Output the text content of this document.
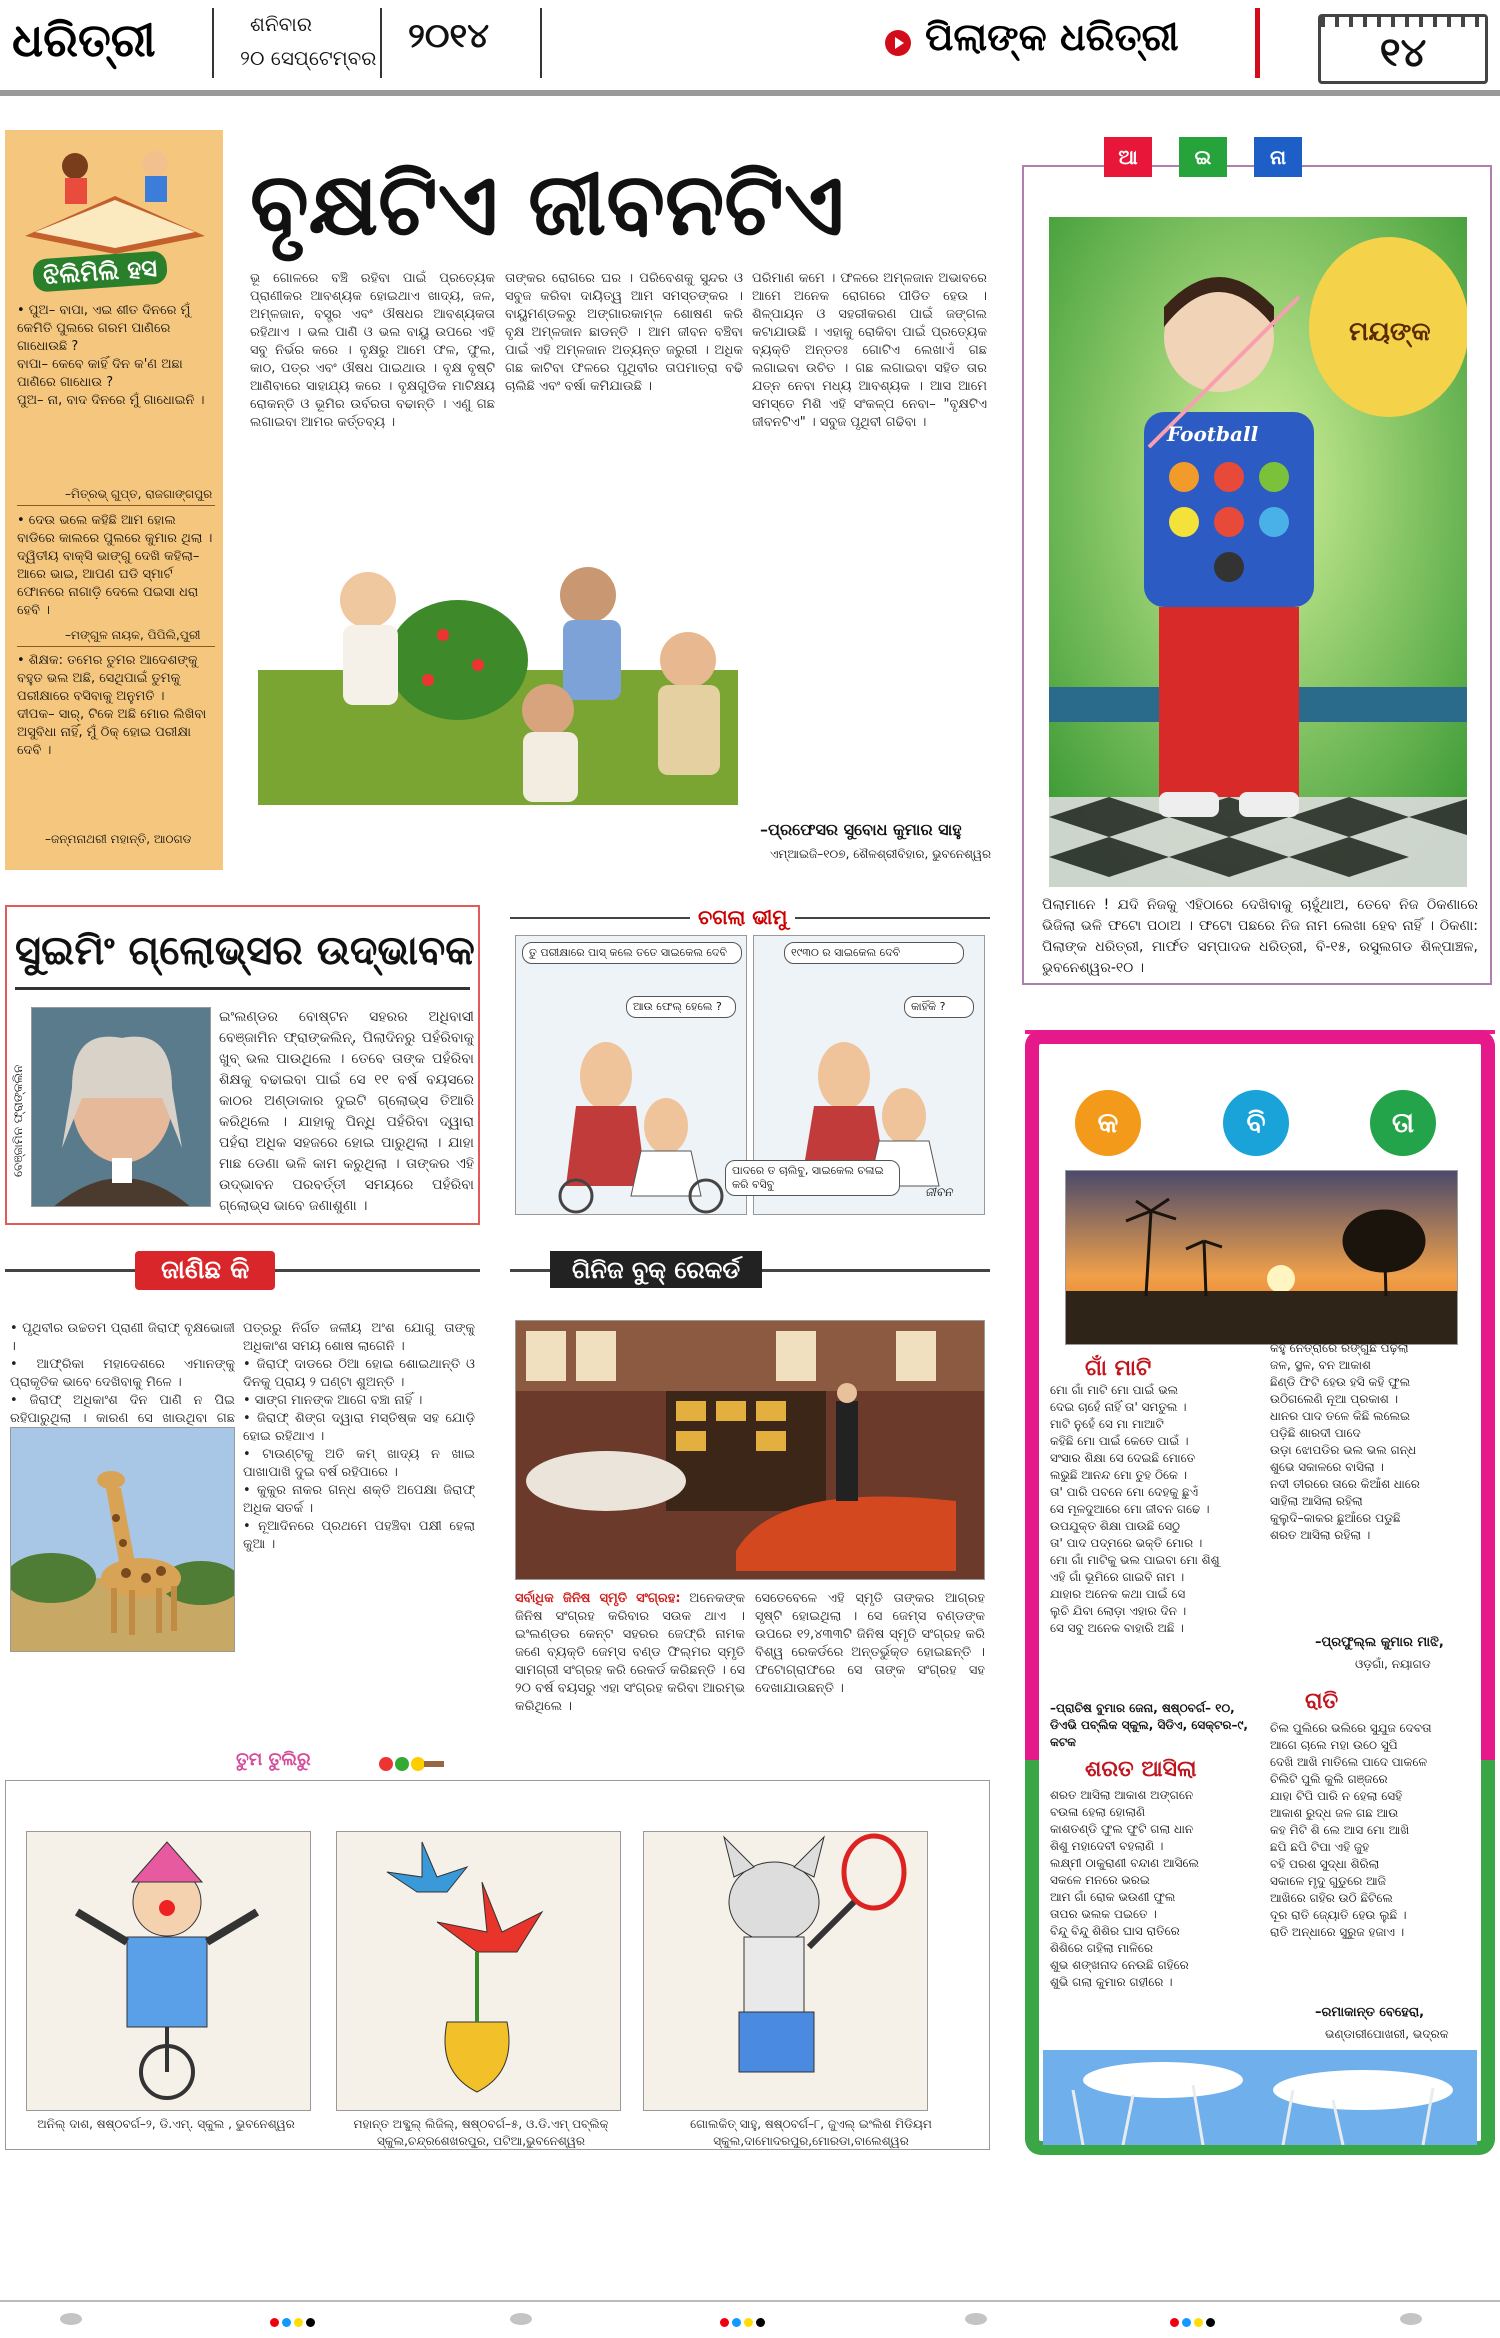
ଧରିତ୍ରୀ	ଶନିବାର
୨୦ ସେପ୍ଟେମ୍ବର
୨୦୧୪	ପିଲାଙ୍କ ଧରିତ୍ରୀ	୧୪
ଝିଲିମିଲି ହସ
• ପୁଅ– ବାପା, ଏଇ ଶୀତ ଦିନରେ ମୁଁ କେମିତି ପୁଲରେ ଗରମ ପାଣିରେ ଗାଧୋଉଛି ?
ବାପା– କେବେ କାହିଁ ଦିନ କ'ଣ ଅଛା ପାଣିରେ ଗାଧୋଉ ?
ପୁଅ– ନା, ବାଦ ଦିନରେ ମୁଁ ଗାଧୋଇନି ।
–ମିତ୍ରଭ୍ ଗୁପ୍ତ, ରାଜଗାଙ୍ଗପୁର
• ଦେଉ ଭଲେ କହିଛି ଆମ ହୋଲ ବାଡିରେ କାଲରେ ପୁଲରେ କୁମାର ଥିଲା । ଦ୍ୱିତୀୟ ବାକ୍ସି ଭାଙ୍ଗୁ ଦେଖି କହିଲା– ଆରେ ଭାଇ, ଆପଣ ଘଡି ସ୍ମାର୍ଟ ଫୋନରେ ନାଗାଡ଼ି ଦେଲେ ପଇସା ଧରା ହେବି ।
–ମଙ୍ଗୁଳ ନାୟକ, ପିପିଲି,ପୁରୀ
• ଶିକ୍ଷକ: ତମେର ତୁମର ଆଦେଶଙ୍କୁ ବହୁତ ଭଲ ଅଛି, ସେଥିପାଇଁ ତୁମକୁ ପରୀକ୍ଷାରେ ବସିବାକୁ ଅନୁମତି ।
ଦୀପକ– ସାର୍, ଟିକେ ଅଛି ମୋର ଲିଖିବା ଅସୁବିଧା ନାହିଁ, ମୁଁ ଠିକ୍ ହୋଇ ପରୀକ୍ଷା ଦେବି ।
–ଜନ୍ମନାଥରୀ ମହାନ୍ତି, ଆଠଗଡ
ବୃକ୍ଷଟିଏ ଜୀବନଟିଏ
ଭୂ ଗୋଳରେ ବଞ୍ଚି ରହିବା ପାଇଁ ପ୍ରତ୍ୟେକ ପ୍ରାଣୀକର ଆବଶ୍ୟକ ହୋଇଥାଏ ଖାଦ୍ୟ, ଜଳ, ଅମ୍ଳଜାନ, ବସ୍ତ୍ର ଏବଂ ଔଷଧର ଆବଶ୍ୟକତା ରହିଥାଏ । ଭଲ ପାଣି ଓ ଭଲ ବାୟୁ ଉପରେ ଏହି ସବୁ ନିର୍ଭର କରେ । ବୃକ୍ଷରୁ ଆମେ ଫଳ, ଫୁଲ, କାଠ, ପତ୍ର ଏବଂ ଔଷଧ ପାଇଥାଉ । ବୃକ୍ଷ ବୃଷ୍ଟି ଆଣିବାରେ ସାହାଯ୍ୟ କରେ । ବୃକ୍ଷଗୁଡିକ ମାଟିକ୍ଷୟ ରୋକନ୍ତି ଓ ଭୂମିର ଉର୍ବରତା ବଢାନ୍ତି । ଏଣୁ ଗଛ ଲଗାଇବା ଆମର କର୍ତ୍ତବ୍ୟ ।
ତାଙ୍କର ରୋଗରେ ଘର । ପରିବେଶକୁ ସୁନ୍ଦର ଓ ସବୁଜ କରିବା ଦାୟିତ୍ୱ ଆମ ସମସ୍ତଙ୍କର । ବାୟୁମଣ୍ଡଳରୁ ଅଙ୍ଗାରକାମ୍ଳ ଶୋଷଣ କରି ବୃକ୍ଷ ଅମ୍ଳଜାନ ଛାଡନ୍ତି । ଆମ ଜୀବନ ବଞ୍ଚିବା ପାଇଁ ଏହି ଅମ୍ଳଜାନ ଅତ୍ୟନ୍ତ ଜରୁରୀ । ଅଧିକ ଗଛ କାଟିବା ଫଳରେ ପୃଥିବୀର ତାପମାତ୍ରା ବଢି ଚାଲିଛି ଏବଂ ବର୍ଷା କମିଯାଉଛି ।
ପରିମାଣ କମେ । ଫଳରେ ଅମ୍ଳଜାନ ଅଭାବରେ ଆମେ ଅନେକ ରୋଗରେ ପୀଡିତ ହେଉ । ଶିଳ୍ପାୟନ ଓ ସହରୀକରଣ ପାଇଁ ଜଙ୍ଗଲ କଟାଯାଉଛି । ଏହାକୁ ରୋକିବା ପାଇଁ ପ୍ରତ୍ୟେକ ବ୍ୟକ୍ତି ଅନ୍ତତଃ ଗୋଟିଏ ଲେଖାଏଁ ଗଛ ଲଗାଇବା ଉଚିତ । ଗଛ ଲଗାଇବା ସହିତ ତାର ଯତ୍ନ ନେବା ମଧ୍ୟ ଆବଶ୍ୟକ । ଆସ ଆମେ ସମସ୍ତେ ମିଶି ଏହି ସଂକଳ୍ପ ନେବା– "ବୃକ୍ଷଟିଏ ଜୀବନଟିଏ" । ସବୁଜ ପୃଥିବୀ ଗଢିବା ।
–ପ୍ରଫେସର ସୁବୋଧ କୁମାର ସାହୁ
ଏମ୍‌ଆଇଜି–୧୦୭, ଶୈଳଶ୍ରୀବିହାର, ଭୁବନେଶ୍ୱର
ଆ	ଇ	ନା
Football
ମୟଙ୍କ
ପିଲାମାନେ ! ଯଦି ନିଜକୁ ଏହିଠାରେ ଦେଖିବାକୁ ଚାହୁଁଥାଅ, ତେବେ ନିଜ ଠିକଣାରେ ଭିଜିଲା ଭଳି ଫଟୋ ପଠାଅ । ଫଟୋ ପଛରେ ନିଜ ନାମ ଲେଖା ହେବ ନାହିଁ । ଠିକଣା: ପିଲାଙ୍କ ଧରିତ୍ରୀ, ମାର୍ଫତ ସମ୍ପାଦକ ଧରିତ୍ରୀ, ବି-୧୫, ରସୁଲଗଡ ଶିଳ୍ପାଞ୍ଚଳ, ଭୁବନେଶ୍ୱର-୧୦ ।
ସୁଇମିଂ ଗ୍ଲୋଭ୍ସର ଉଦ୍ଭାବକ
ବେଞ୍ଜାମିନ ଫ୍ରାଙ୍କଲିନ
ଇଂଲଣ୍ଡର ବୋଷ୍ଟନ ସହରର ଅଧିବାସୀ ବେଞ୍ଜାମିନ ଫ୍ରାଙ୍କଲିନ୍, ପିଲାଦିନରୁ ପହଁରିବାକୁ ଖୁବ୍ ଭଲ ପାଉଥିଲେ । ତେବେ ତାଙ୍କ ପହଁରିବା ଶିକ୍ଷକୁ ବଢାଇବା ପାଇଁ ସେ ୧୧ ବର୍ଷ ବୟସରେ କାଠର ଅଣ୍ଡାକାର ଦୁଇଟି ଗ୍ଲୋଭ୍ସ ତିଆରି କରିଥିଲେ । ଯାହାକୁ ପିନ୍ଧି ପହଁରିବା ଦ୍ୱାରା ପହଁରା ଅଧିକ ସହଜରେ ହୋଇ ପାରୁଥିଲା । ଯାହା ମାଛ ଡେଣା ଭଳି କାମ କରୁଥିଲା । ତାଙ୍କର ଏହି ଉଦ୍ଭାବନ ପରବର୍ତ୍ତୀ ସମୟରେ ପହଁରିବା ଗ୍ଲୋଭ୍ସ ଭାବେ ଜଣାଶୁଣା ।
ଚଗଲା ଭୀମୁ
ତୁ ପରୀକ୍ଷାରେ ପାସ୍ କଲେ ତତେ ସାଇକେଲ ଦେବି
ଆଉ ଫେଲ୍ ହେଲେ ?
୧୯୩୦ ର ସାଇକେଲ ଦେବି
କାହିଁକି ?
ପାଦରେ ତ ଚାଲିବୁ, ସାଇକେଲ ଚଳାଇ କରି ବସିବୁ
ଜୀବନ
ଜାଣିଛ କି
• ପୃଥିବୀର ଉଚ୍ଚତମ ପ୍ରାଣୀ ଜିରାଫ୍ ବୃକ୍ଷଭୋଜୀ ।
• ଆଫ୍ରିକା ମହାଦେଶରେ ଏମାନଙ୍କୁ ପ୍ରାକୃତିକ ଭାବେ ଦେଖିବାକୁ ମିଳେ ।
• ଜିରାଫ୍ ଅଧିକାଂଶ ଦିନ ପାଣି ନ ପିଇ ରହିପାରୁଥିଲା । କାରଣ ସେ ଖାଉଥିବା ଗଛ
ପତ୍ରରୁ ନିର୍ଗତ ଜଳୀୟ ଅଂଶ ଯୋଗୁ ତାଙ୍କୁ ଅଧିକାଂଶ ସମୟ ଶୋଷ ଲାଗେନି ।
• ଜିରାଫ୍ ଦାଡରେ ଠିଆ ହୋଇ ଶୋଇଥାନ୍ତି ଓ ଦିନକୁ ପ୍ରାୟ ୨ ଘଣ୍ଟା ଶୁଅନ୍ତି ।
• ସାଙ୍ଗ ମାନଙ୍କ ଆଗେ ବଞ୍ଚା ନାହିଁ ।
• ଜିରାଫ୍ ଶିଙ୍ଗ ଦ୍ୱାରା ମସ୍ତିଷ୍କ ସହ ଯୋଡ଼ି ହୋଇ ରହିଥାଏ ।
• ଟାଉଣ୍ଟକୁ ଅତି କମ୍ ଖାଦ୍ୟ ନ ଖାଇ ପାଖାପାଖି ଦୁଇ ବର୍ଷ ରହିପାରେ ।
• କୁକୁର ନାକର ଗନ୍ଧ ଶକ୍ତି ଅପେକ୍ଷା ଜିରାଫ୍ ଅଧିକ ସତର୍କ ।
• ନୂଆଦିନରେ ପ୍ରଥମେ ପହଞ୍ଚିବା ପକ୍ଷୀ ହେଲା କୁଆ ।
ଗିନିଜ ବୁକ୍ ରେକର୍ଡ
ସର୍ବାଧିକ ଜିନିଷ ସ୍ମୃତି ସଂଗ୍ରହ: ଅନେକଙ୍କ ଜିନିଷ ସଂଗ୍ରହ କରିବାର ସଉକ ଥାଏ । ଇଂଲଣ୍ଡର କେନ୍ଟ ସହରର ଜେଫ୍ରି ନାମକ ଜଣେ ବ୍ୟକ୍ତି ଜେମ୍ସ ବଣ୍ଡ ଫିଲ୍ମର ସ୍ମୃତି ସାମଗ୍ରୀ ସଂଗ୍ରହ କରି ରେକର୍ଡ କରିଛନ୍ତି । ସେ ୨୦ ବର୍ଷ ବୟସରୁ ଏହା ସଂଗ୍ରହ କରିବା ଆରମ୍ଭ କରିଥିଲେ ।
ସେତେବେଳେ ଏହି ସ୍ମୃତି ତାଙ୍କର ଆଗ୍ରହ ସୃଷ୍ଟି ହୋଇଥିଲା । ସେ ଜେମ୍ସ ବଣ୍ଡଙ୍କ ଉପରେ ୧୨,୪୩୩ଟି ଜିନିଷ ସ୍ମୃତି ସଂଗ୍ରହ କରି ବିଶ୍ୱ ରେକର୍ଡରେ ଅନ୍ତର୍ଭୁକ୍ତ ହୋଇଛନ୍ତି । ଫଟୋଗ୍ରାଫରେ ସେ ତାଙ୍କ ସଂଗ୍ରହ ସହ ଦେଖାଯାଉଛନ୍ତି ।
କ	ବି	ତା
ଗାଁ ମାଟି
ମୋ ଗାଁ ମାଟି ମୋ ପାଇଁ ଭଲ
ଦେଇ ଚାହେଁ ନାହିଁ ତା' ସମତୁଲ ।
ମାଟି ନୁହେଁ ସେ ମା ମାଆଟି
କହିଛି ମୋ ପାଇଁ କେତେ ପାଇଁ ।
ସଂସାର ଶିକ୍ଷା ସେ ଦେଇଛି ମୋତେ
ଲଭୁଛି ଆନନ୍ଦ ମୋ ତୁହ ଠିକେ ।
ତା' ପାରି ପବନେ ମୋ ଦେହକୁ ଛୁଏଁ
ସେ ମୂଳଦୁଆରେ ମୋ ଜୀବନ ଗଢେ ।
ଉପଯୁକ୍ତ ଶିକ୍ଷା ପାଉଛି ସେଠୁ
ତା' ପାଦ ପଦ୍ମରେ ଭକ୍ତି ମୋର ।
ମୋ ଗାଁ ମାଟିକୁ ଭଲ ପାଇବା ମୋ ଶିଶୁ
ଏହି ଗାଁ ଭୂମିରେ ଗାଇବି ନାମ ।
ଯାହାର ଅନେକ କଥା ପାଇଁ ସେ
ଲୁଚି ଯିବା ଲୋଡ଼ା ଏହାର ଦିନ ।
ସେ ସବୁ ଅନେକ ବାହାରି ଅଛି ।
କହୁ ନେତ୍ରାରେ ରଙ୍ଗୁଛି ପଢ଼ିଲା
ଜଳ, ସ୍ଥଳ, ବନ ଆକାଶ
ଛିଣ୍ଡି ଫିଟି ହେଉ ହସି କହି ଫୁଲ
ଉଠିଗଲେଣି ନୂଆ ପ୍ରକାଶ ।
ଧାନର ପାଦ ତଳେ କିଛି ଲଲେଇ
ପଡ଼ିଛି ଶାରଦୀ ପାଦେ
ଉଡ଼ା ଝୋପଡିର ଭଲ ଭଲ ଗନ୍ଧ
ଶୁଭେ ସକାଳରେ ବାସିଲା ।
ନଦୀ ତୀରରେ ତାରେ କିଆଁଶ ଧାରେ
ସାହିଲା ଆସିଲା ରହିଲା
କୁଲୁଦି–କାକର ଛୁଆଁରେ ପଡୁଛି
ଶରତ ଆସିଲା ରହିଲା ।
–ପ୍ରଫୁଲ୍ଲ କୁମାର ମାଝି,
ଓଡ଼ଗାଁ, ନୟାଗଡ
–ପ୍ରାଚିଷ ବୁମାର ଜେନା, ଷଷ୍ଠବର୍ଗ– ୧୦, ଡିଏଭି ପବ୍ଲିକ ସ୍କୁଲ, ସିଡିଏ, ସେକ୍ଟର–୯, କଟକ
ରାତି
ଚିଲ ପୁଲିରେ ଭଲିରେ ସୁଯୁଜ ଦେବତା
ଆଗେ ଚାଲେ ମହା ଉଠେ ସୁପି
ଦେଖି ଆଖି ମାତିଲେ ପାଦେ ପାକଳେ
ଚିଲିଟି ପୁଲି କୁଲି ଗଞ୍ଜରେ
ଯାହା ଟିପି ପାରି ନ ହେଲା ସେହି
ଆକାଶ ରୁଦ୍ଧ ଜଳ ଗଛ ଆଉ
କହ ମିଟି ଶି ଲେ ଆସ ମୋ ଆଖି
ଛପି ଛପି ଟିପା ଏହି ଜୁହ
ବହି ପରଶ ସୁଦ୍ଧା ଶିରିଲା
ସକାଳେ ମୃଦୁ ଗୁଡୁରେ ଆଜି
ଆଖିରେ ଗହିର ଉଠି ଛିଟିଲେ
ଦୂର ରାତି ଜ୍ୟୋତି ହେଉ ଲୁଛି ।
ରାତି ଅନ୍ଧାରେ ସୁରୁଜ ହଜାଏ ।
–ରମାକାନ୍ତ ବେହେରା,
ଭଣ୍ଡାରୀପୋଖରୀ, ଭଦ୍ରକ
ଶରତ ଆସିଲା
ଶରତ ଆସିଲା ଆକାଶ ଅଙ୍ଗନେ
ବଉଳା ହେଲା ହୋଲାଣି
କାଶତଣ୍ଡି ଫୁଲ ଫୁଟି ଗଲା ଧାନ
ଶିଶୁ ମହାଦେବୀ ବହଲାଣି ।
ଲକ୍ଷ୍ମୀ ଠାକୁରାଣୀ ବନ୍ଦାଣ ଆସିଲେ
ସକଳେ ମନରେ ଭରଇ
ଆମ ଗାଁ ରୋକ ଭଉଣୀ ଫୁଲ
ତାପର ଭଲକ ପଇତେ ।
ବିନ୍ଦୁ ବିନ୍ଦୁ ଶିଶିର ଘାସ ରାତିରେ
ଶିଶିରେ ଗହିଲା ମାଳିରେ
ଶୁଭ ଶଙ୍ଖନାଦ ନେଉଛି ଗହିରେ
ଶୁଭି ଗଲା କୁମାର ଗହୀରେ ।
ତୁମ ତୁଲିରୁ
ଅନିଲ୍ ଦାଶ, ଷଷ୍ଠବର୍ଗ–୨, ଡି.ଏମ୍. ସ୍କୁଲ , ଭୁବନେଶ୍ୱର	ମହାନ୍ତ ଅବ୍ଦୁଲ୍ ଲିଜିଲ୍, ଷଷ୍ଠବର୍ଗ–୫, ଓ.ଡି.ଏମ୍ ପବ୍ଲିକ୍ ସ୍କୁଲ,ଚନ୍ଦ୍ରଶେଖରପୁର, ପଟିଆ,ଭୁବନେଶ୍ୱର
ଗୋଲକିତ୍ ସାହୁ, ଷଷ୍ଠବର୍ଗ–୮, ଜୁଏଲ୍ ଇଂଲିଶ ମିଡିୟମ ସ୍କୁଲ,ଦାମୋଦରପୁର,ମୋରଡା,ବାଲେଶ୍ୱର
